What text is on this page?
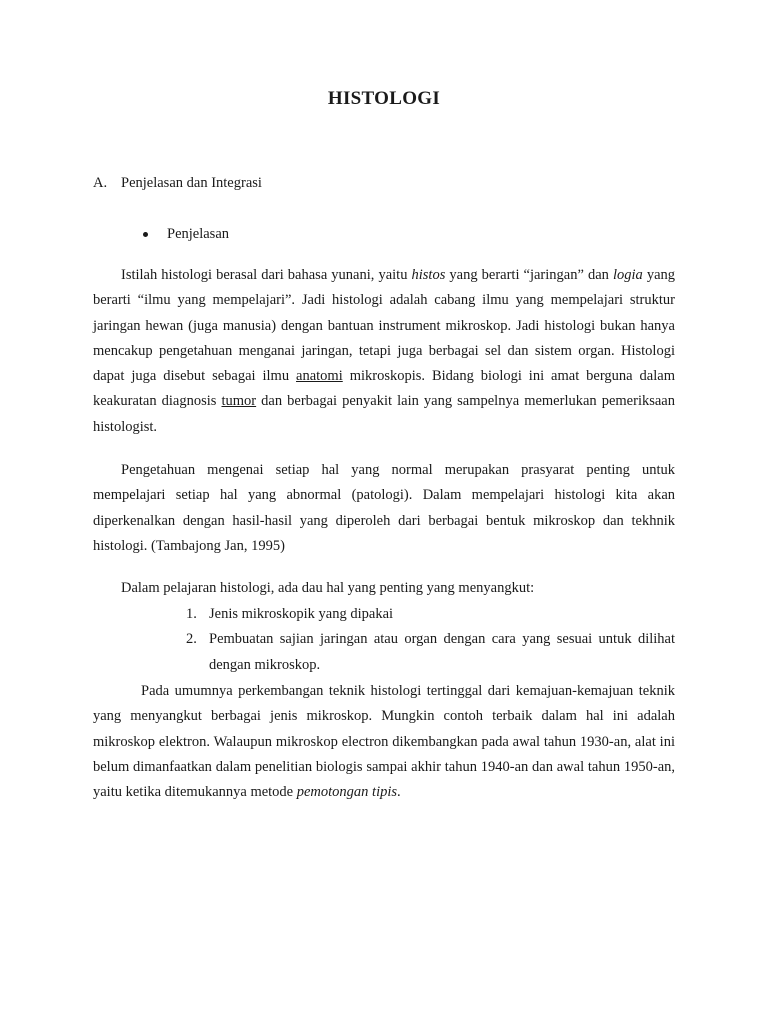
HISTOLOGI
A. Penjelasan dan Integrasi
Penjelasan
Istilah histologi berasal dari bahasa yunani, yaitu histos yang berarti “jaringan” dan logia yang berarti “ilmu yang mempelajari”. Jadi histologi adalah cabang ilmu yang mempelajari struktur jaringan hewan (juga manusia) dengan bantuan instrument mikroskop. Jadi histologi bukan hanya mencakup pengetahuan menganai jaringan, tetapi juga berbagai sel dan sistem organ. Histologi dapat juga disebut sebagai ilmu anatomi mikroskopis. Bidang biologi ini amat berguna dalam keakuratan diagnosis tumor dan berbagai penyakit lain yang sampelnya memerlukan pemeriksaan histologist.
Pengetahuan mengenai setiap hal yang normal merupakan prasyarat penting untuk mempelajari setiap hal yang abnormal (patologi). Dalam mempelajari histologi kita akan diperkenalkan dengan hasil-hasil yang diperoleh dari berbagai bentuk mikroskop dan tekhnik histologi. (Tambajong Jan, 1995)
Dalam pelajaran histologi, ada dau hal yang penting yang menyangkut:
1. Jenis mikroskopik yang dipakai
2. Pembuatan sajian jaringan atau organ dengan cara yang sesuai untuk dilihat dengan mikroskop.
Pada umumnya perkembangan teknik histologi tertinggal dari kemajuan-kemajuan teknik yang menyangkut berbagai jenis mikroskop. Mungkin contoh terbaik dalam hal ini adalah mikroskop elektron. Walaupun mikroskop electron dikembangkan pada awal tahun 1930-an, alat ini belum dimanfaatkan dalam penelitian biologis sampai akhir tahun 1940-an dan awal tahun 1950-an, yaitu ketika ditemukannya metode pemotongan tipis.
